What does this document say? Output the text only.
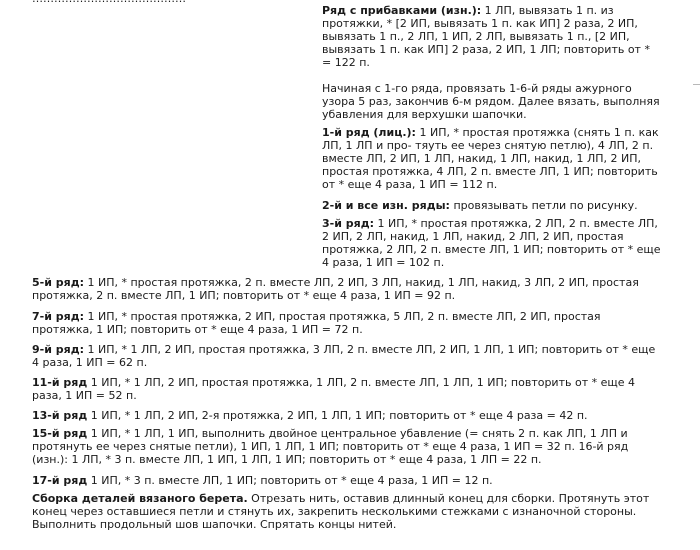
Ряд с прибавками (изн.): 1 ЛП, вывязать 1 п. из протяжки, * [2 ИП, вывязать 1 п. как ИП] 2 раза, 2 ИП, вывязать 1 п., 2 ЛП, 1 ИП, 2 ЛП, вывязать 1 п., [2 ИП, вывязать 1 п. как ИП] 2 раза, 2 ИП, 1 ЛП; повторить от * = 122 п.

Начиная с 1-го ряда, провязать 1-6-й ряды ажурного узора 5 раз, закончив 6-м рядом. Далее вязать, выполняя убавления для верхушки шапочки.

1-й ряд (лиц.): 1 ИП, * простая протяжка (снять 1 п. как ЛП, 1 ЛП и про- тяуть ее через снятую петлю), 4 ЛП, 2 п. вместе ЛП, 2 ИП, 1 ЛП, накид, 1 ЛП, накид, 1 ЛП, 2 ИП, простая протяжка, 4 ЛП, 2 п. вместе ЛП, 1 ИП; повторить от * еще 4 раза, 1 ИП = 112 п.

2-й и все изн. ряды: провязывать петли по рисунку.

3-й ряд: 1 ИП, * простая протяжка, 2 ЛП, 2 п. вместе ЛП, 2 ИП, 2 ЛП, накид, 1 ЛП, накид, 2 ЛП, 2 ИП, простая протяжка, 2 ЛП, 2 п. вместе ЛП, 1 ИП; повторить от * еще 4 раза, 1 ИП = 102 п.

5-й ряд: 1 ИП, * простая протяжка, 2 п. вместе ЛП, 2 ИП, 3 ЛП, накид, 1 ЛП, накид, 3 ЛП, 2 ИП, простая протяжка, 2 п. вместе ЛП, 1 ИП; повторить от * еще 4 раза, 1 ИП = 92 п.

7-й ряд: 1 ИП, * простая протяжка, 2 ИП, простая протяжка, 5 ЛП, 2 п. вместе ЛП, 2 ИП, простая протяжка, 1 ИП; повторить от * еще 4 раза, 1 ИП = 72 п.

9-й ряд: 1 ИП, * 1 ЛП, 2 ИП, простая протяжка, 3 ЛП, 2 п. вместе ЛП, 2 ИП, 1 ЛП, 1 ИП; повторить от * еще 4 раза, 1 ИП = 62 п.

11-й ряд 1 ИП, * 1 ЛП, 2 ИП, простая протяжка, 1 ЛП, 2 п. вместе ЛП, 1 ЛП, 1 ИП; повторить от * еще 4 раза, 1 ИП = 52 п.

13-й ряд 1 ИП, * 1 ЛП, 2 ИП, 2-я протяжка, 2 ИП, 1 ЛП, 1 ИП; повторить от * еще 4 раза = 42 п.

15-й ряд 1 ИП, * 1 ЛП, 1 ИП, выполнить двойное центральное убавление (= снять 2 п. как ЛП, 1 ЛП и протянуть ее через снятые петли), 1 ИП, 1 ЛП, 1 ИП; повторить от * еще 4 раза, 1 ИП = 32 п. 16-й ряд (изн.): 1 ЛП, * 3 п. вместе ЛП, 1 ИП, 1 ЛП, 1 ИП; повторить от * еще 4 раза, 1 ЛП = 22 п.

17-й ряд 1 ИП, * 3 п. вместе ЛП, 1 ИП; повторить от * еще 4 раза, 1 ИП = 12 п.

Сборка деталей вязаного берета. Отрезать нить, оставив длинный конец для сборки. Протянуть этот конец через оставшиеся петли и стянуть их, закрепить несколькими стежками с изнаночной стороны. Выполнить продольный шов шапочки. Спрятать концы нитей.
